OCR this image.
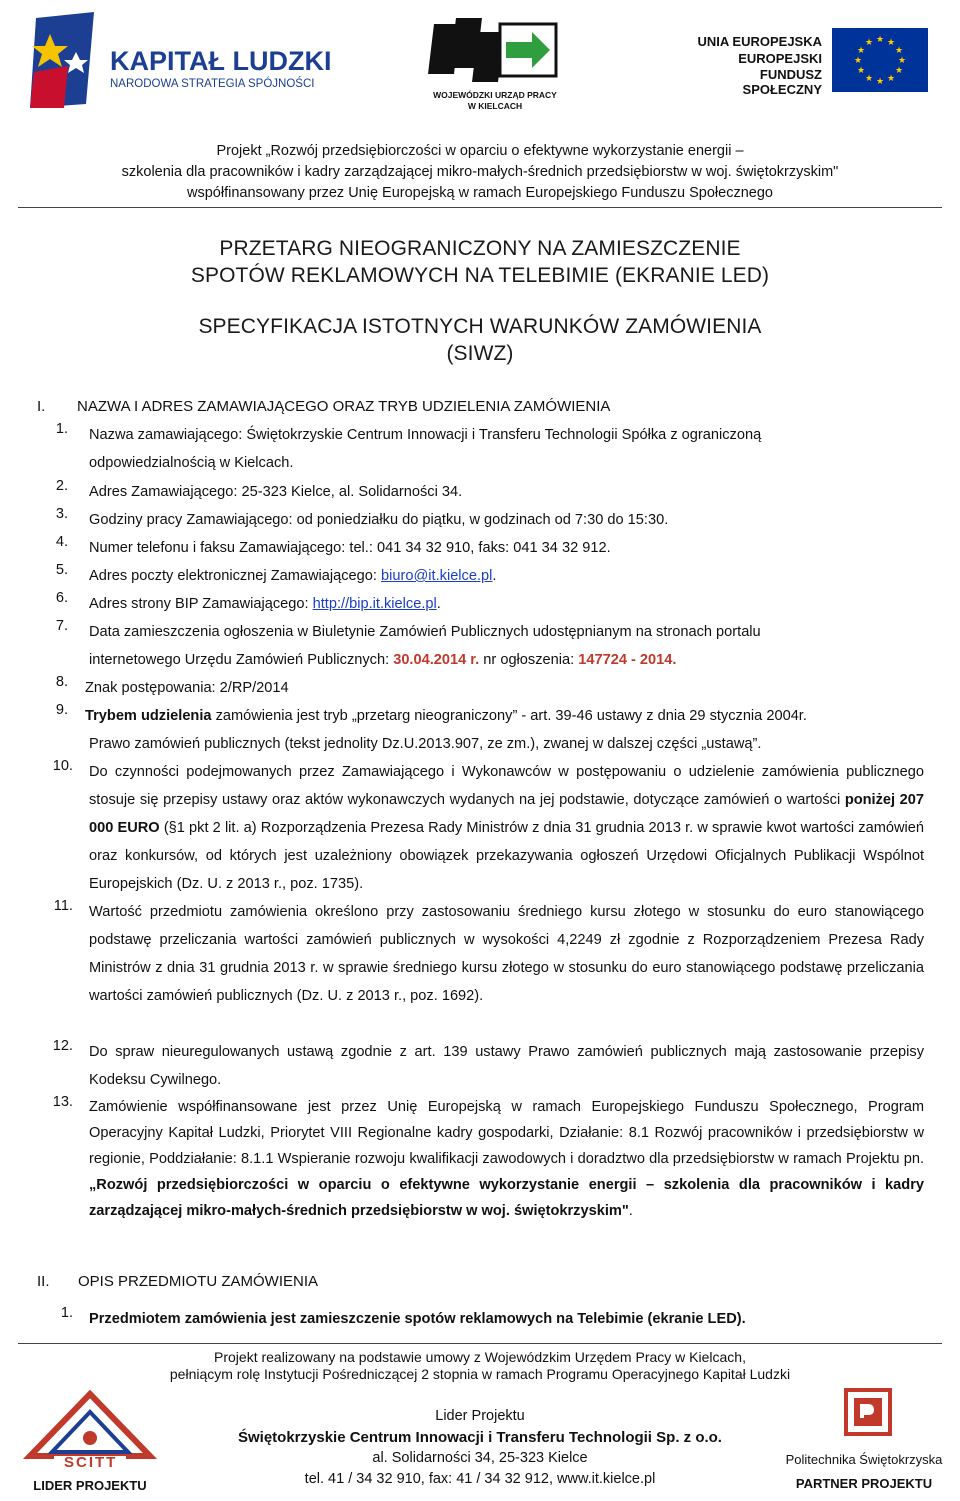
KAPITAŁ LUDZKI
NARODOWA STRATEGIA SPÓJNOŚCI
WOJEWÓDZKI URZĄD PRACY
W KIELCACH
UNIA EUROPEJSKA
EUROPEJSKI
FUNDUSZ SPOŁECZNY
★ ★
★
★
★
★
★
★
★
★
★
★
Projekt „Rozwój przedsiębiorczości w oparciu o efektywne wykorzystanie energii –
szkolenia dla pracowników i kadry zarządzającej mikro-małych-średnich przedsiębiorstw w woj. świętokrzyskim"
współfinansowany przez Unię Europejską w ramach Europejskiego Funduszu Społecznego
PRZETARG NIEOGRANICZONY NA ZAMIESZCZENIE
SPOTÓW REKLAMOWYCH NA TELEBIMIE (EKRANIE LED)
SPECYFIKACJA ISTOTNYCH WARUNKÓW ZAMÓWIENIA
(SIWZ)
I. NAZWA I ADRES ZAMAWIAJĄCEGO ORAZ TRYB UDZIELENIA ZAMÓWIENIA
1. Nazwa zamawiającego: Świętokrzyskie Centrum Innowacji i Transferu Technologii Spółka z ograniczoną
odpowiedzialnością w Kielcach.
2. Adres Zamawiającego: 25-323 Kielce, al. Solidarności 34.
3. Godziny pracy Zamawiającego: od poniedziałku do piątku, w godzinach od 7:30 do 15:30.
4. Numer telefonu i faksu Zamawiającego: tel.: 041 34 32 910, faks: 041 34 32 912.
5. Adres poczty elektronicznej Zamawiającego: biuro@it.kielce.pl.
6. Adres strony BIP Zamawiającego: http://bip.it.kielce.pl.
7. Data zamieszczenia ogłoszenia w Biuletynie Zamówień Publicznych udostępnianym na stronach portalu
internetowego Urzędu Zamówień Publicznych: 30.04.2014 r. nr ogłoszenia: 147724 - 2014.
8. Znak postępowania: 2/RP/2014
9. Trybem udzielenia zamówienia jest tryb „przetarg nieograniczony” - art. 39-46 ustawy z dnia 29 stycznia 2004r.
Prawo zamówień publicznych (tekst jednolity Dz.U.2013.907, ze zm.), zwanej w dalszej części „ustawą”.
10. Do czynności podejmowanych przez Zamawiającego i Wykonawców w postępowaniu o udzielenie zamówienia publicznego stosuje się przepisy ustawy oraz aktów wykonawczych wydanych na jej podstawie, dotyczące zamówień o wartości poniżej 207 000 EURO (§1 pkt 2 lit. a) Rozporządzenia Prezesa Rady Ministrów z dnia 31 grudnia 2013 r. w sprawie kwot wartości zamówień oraz konkursów, od których jest uzależniony obowiązek przekazywania ogłoszeń Urzędowi Oficjalnych Publikacji Wspólnot Europejskich (Dz. U. z 2013 r., poz. 1735).
11. Wartość przedmiotu zamówienia określono przy zastosowaniu średniego kursu złotego w stosunku do euro stanowiącego podstawę przeliczania wartości zamówień publicznych w wysokości 4,2249 zł zgodnie z Rozporządzeniem Prezesa Rady Ministrów z dnia 31 grudnia 2013 r. w sprawie średniego kursu złotego w stosunku do euro stanowiącego podstawę przeliczania wartości zamówień publicznych (Dz. U. z 2013 r., poz. 1692).
12. Do spraw nieuregulowanych ustawą zgodnie z art. 139 ustawy Prawo zamówień publicznych mają zastosowanie przepisy Kodeksu Cywilnego.
13. Zamówienie współfinansowane jest przez Unię Europejską w ramach Europejskiego Funduszu Społecznego, Program Operacyjny Kapitał Ludzki, Priorytet VIII Regionalne kadry gospodarki, Działanie: 8.1 Rozwój pracowników i przedsiębiorstw w regionie, Poddziałanie: 8.1.1 Wspieranie rozwoju kwalifikacji zawodowych i doradztwo dla przedsiębiorstw w ramach Projektu pn. „Rozwój przedsiębiorczości w oparciu o efektywne wykorzystanie energii – szkolenia dla pracowników i kadry zarządzającej mikro-małych-średnich przedsiębiorstw w woj. świętokrzyskim".
II. OPIS PRZEDMIOTU ZAMÓWIENIA
1. Przedmiotem zamówienia jest zamieszczenie spotów reklamowych na Telebimie (ekranie LED).
Projekt realizowany na podstawie umowy z Wojewódzkim Urzędem Pracy w Kielcach,
pełniącym rolę Instytucji Pośredniczącej 2 stopnia w ramach Programu Operacyjnego Kapitał Ludzki
Lider Projektu
Świętokrzyskie Centrum Innowacji i Transferu Technologii Sp. z o.o.
al. Solidarności 34, 25-323 Kielce
tel. 41 / 34 32 910, fax: 41 / 34 32 912, www.it.kielce.pl
ŚCITT
LIDER PROJEKTU
Politechnika Świętokrzyska
PARTNER PROJEKTU
